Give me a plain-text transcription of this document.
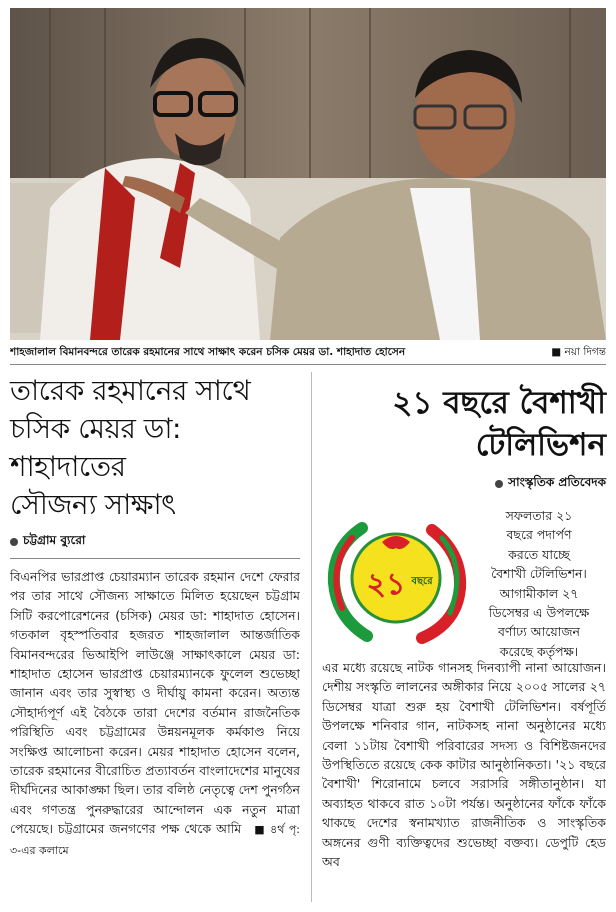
শাহজালাল বিমানবন্দরে তারেক রহমানের সাথে সাক্ষাৎ করেন চসিক মেয়র ডা. শাহাদাত হোসেন	■ নয়া দিগন্ত
তারেক রহমানের সাথে
চসিক মেয়র ডা: শাহাদাতের
সৌজন্য সাক্ষাৎ
চট্টগ্রাম ব্যুরো

বিএনপির ভারপ্রাপ্ত চেয়ারম্যান তারেক রহমান দেশে ফেরার পর তার সাথে সৌজন্য সাক্ষাতে মিলিত হয়েছেন চট্টগ্রাম সিটি করপোরেশনের (চসিক) মেয়র ডা: শাহাদাত হোসেন। গতকাল বৃহস্পতিবার হজরত শাহজালাল আন্তর্জাতিক বিমানবন্দরের ভিআইপি লাউঞ্জে সাক্ষাৎকালে মেয়র ডা: শাহাদাত হোসেন ভারপ্রাপ্ত চেয়ারম্যানকে ফুলেল শুভেচ্ছা জানান এবং তার সুস্বাস্থ্য ও দীর্ঘায়ু কামনা করেন। অত্যন্ত সৌহার্দ্যপূর্ণ এই বৈঠকে তারা দেশের বর্তমান রাজনৈতিক পরিস্থিতি এবং চট্টগ্রামের উন্নয়নমূলক কর্মকাণ্ড নিয়ে সংক্ষিপ্ত আলোচনা করেন। মেয়র শাহাদাত হোসেন বলেন, তারেক রহমানের বীরোচিত প্রত্যাবর্তন বাংলাদেশের মানুষের দীর্ঘদিনের আকাঙ্ক্ষা ছিল। তার বলিষ্ঠ নেতৃত্বে দেশ পুনর্গঠন এবং গণতন্ত্র পুনরুদ্ধারের আন্দোলন এক নতুন মাত্রা পেয়েছে। চট্টগ্রামের জনগণের পক্ষ থেকে আমি ■ ৪র্থ পৃ: ৩-এর কলামে

২১ বছরে বৈশাখী
টেলিভিশন
সাংস্কৃতিক প্রতিবেদক
২১ বছরে
সফলতার ২১
বছরে পদার্পণ
করতে যাচ্ছে
বৈশাখী টেলিভিশন।
আগামীকাল ২৭
ডিসেম্বর এ উপলক্ষে
বর্ণাঢ্য আয়োজন
করেছে কর্তৃপক্ষ।

এর মধ্যে রয়েছে নাটক গানসহ দিনব্যাপী নানা আয়োজন। দেশীয় সংস্কৃতি লালনের অঙ্গীকার নিয়ে ২০০৫ সালের ২৭ ডিসেম্বর যাত্রা শুরু হয় বৈশাখী টেলিভিশন। বর্ষপূর্তি উপলক্ষে শনিবার গান, নাটকসহ নানা অনুষ্ঠানের মধ্যে বেলা ১১টায় বৈশাখী পরিবারের সদস্য ও বিশিষ্টজনদের উপস্থিতিতে রয়েছে কেক কাটার আনুষ্ঠানিকতা। '২১ বছরে বৈশাখী' শিরোনামে চলবে সরাসরি সঙ্গীতানুষ্ঠান। যা অব্যাহত থাকবে রাত ১০টা পর্যন্ত। অনুষ্ঠানের ফাঁকে ফাঁকে থাকছে দেশের স্বনামখ্যাত রাজনীতিক ও সাংস্কৃতিক অঙ্গনের গুণী ব্যক্তিত্বদের শুভেচ্ছা বক্তব্য। ডেপুটি হেড অব
